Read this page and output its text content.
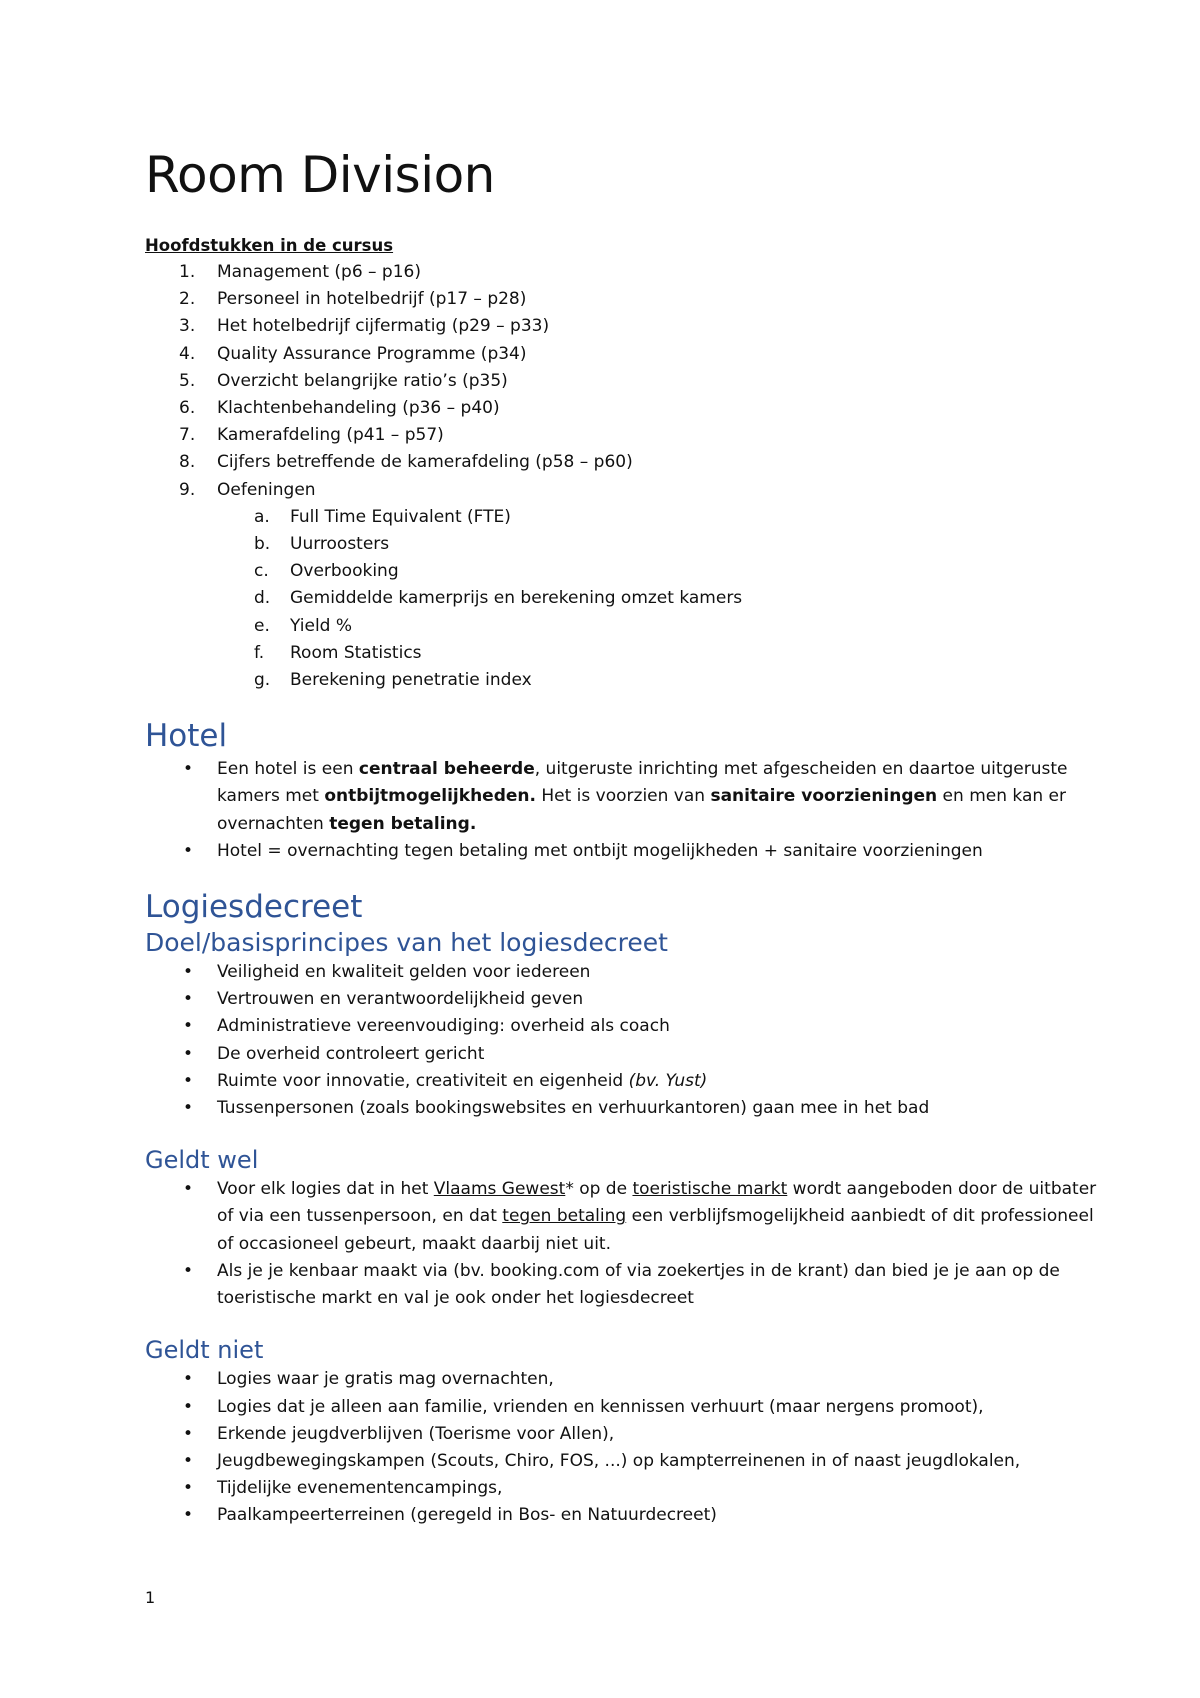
Room Division
Hoofdstukken in de cursus
1. Management (p6 – p16)
2. Personeel in hotelbedrijf (p17 – p28)
3. Het hotelbedrijf cijfermatig (p29 – p33)
4. Quality Assurance Programme (p34)
5. Overzicht belangrijke ratio’s (p35)
6. Klachtenbehandeling (p36 – p40)
7. Kamerafdeling (p41 – p57)
8. Cijfers betreffende de kamerafdeling (p58 – p60)
9. Oefeningen
a. Full Time Equivalent (FTE)
b. Uurroosters
c. Overbooking
d. Gemiddelde kamerprijs en berekening omzet kamers
e. Yield %
f. Room Statistics
g. Berekening penetratie index
Hotel
• Een hotel is een centraal beheerde, uitgeruste inrichting met afgescheiden en daartoe uitgeruste kamers met ontbijtmogelijkheden. Het is voorzien van sanitaire voorzieningen en men kan er overnachten tegen betaling.
• Hotel = overnachting tegen betaling met ontbijt mogelijkheden + sanitaire voorzieningen
Logiesdecreet
Doel/basisprincipes van het logiesdecreet
• Veiligheid en kwaliteit gelden voor iedereen
• Vertrouwen en verantwoordelijkheid geven
• Administratieve vereenvoudiging: overheid als coach
• De overheid controleert gericht
• Ruimte voor innovatie, creativiteit en eigenheid (bv. Yust)
• Tussenpersonen (zoals bookingswebsites en verhuurkantoren) gaan mee in het bad
Geldt wel
• Voor elk logies dat in het Vlaams Gewest* op de toeristische markt wordt aangeboden door de uitbater of via een tussenpersoon, en dat tegen betaling een verblijfsmogelijkheid aanbiedt of dit professioneel of occasioneel gebeurt, maakt daarbij niet uit.
• Als je je kenbaar maakt via (bv. booking.com of via zoekertjes in de krant) dan bied je je aan op de toeristische markt en val je ook onder het logiesdecreet
Geldt niet
• Logies waar je gratis mag overnachten,
• Logies dat je alleen aan familie, vrienden en kennissen verhuurt (maar nergens promoot),
• Erkende jeugdverblijven (Toerisme voor Allen),
• Jeugdbewegingskampen (Scouts, Chiro, FOS, ...) op kampterreinenen in of naast jeugdlokalen,
• Tijdelijke evenementencampings,
• Paalkampeerterreinen (geregeld in Bos- en Natuurdecreet)
1
